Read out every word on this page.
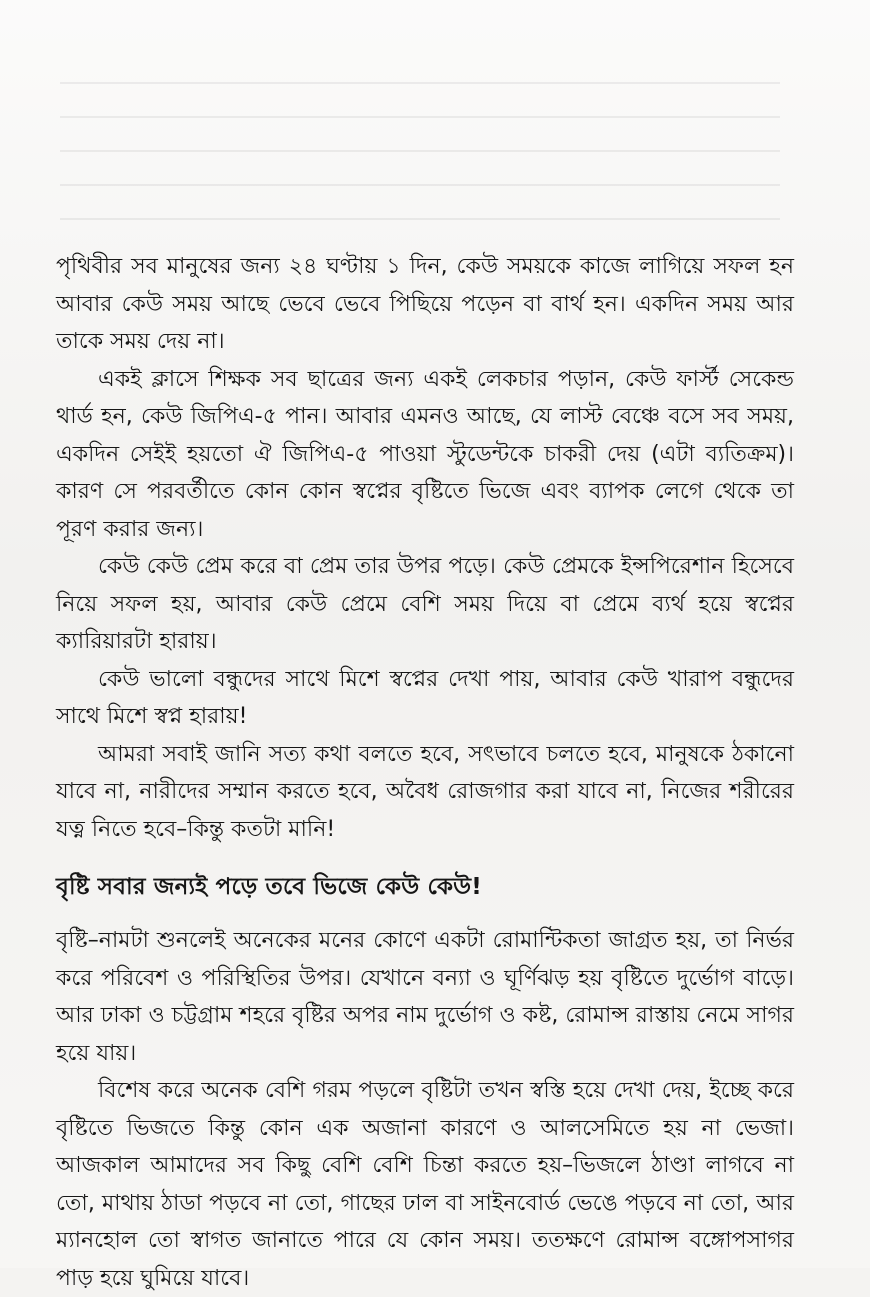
পৃথিবীর সব মানুষের জন্য ২৪ ঘণ্টায় ১ দিন, কেউ সময়কে কাজে লাগিয়ে সফল হন আবার কেউ সময় আছে ভেবে ভেবে পিছিয়ে পড়েন বা বার্থ হন। একদিন সময় আর তাকে সময় দেয় না।

একই ক্লাসে শিক্ষক সব ছাত্রের জন্য একই লেকচার পড়ান, কেউ ফার্স্ট সেকেন্ড থার্ড হন, কেউ জিপিএ-৫ পান। আবার এমনও আছে, যে লাস্ট বেঞ্চে বসে সব সময়, একদিন সেইই হয়তো ঐ জিপিএ-৫ পাওয়া স্টুডেন্টকে চাকরী দেয় (এটা ব্যতিক্রম)। কারণ সে পরবর্তীতে কোন কোন স্বপ্নের বৃষ্টিতে ভিজে এবং ব্যাপক লেগে থেকে তা পূরণ করার জন্য।

কেউ কেউ প্রেম করে বা প্রেম তার উপর পড়ে। কেউ প্রেমকে ইন্সপিরেশান হিসেবে নিয়ে সফল হয়, আবার কেউ প্রেমে বেশি সময় দিয়ে বা প্রেমে ব্যর্থ হয়ে স্বপ্নের ক্যারিয়ারটা হারায়।

কেউ ভালো বন্ধুদের সাথে মিশে স্বপ্নের দেখা পায়, আবার কেউ খারাপ বন্ধুদের সাথে মিশে স্বপ্ন হারায়!

আমরা সবাই জানি সত্য কথা বলতে হবে, সৎভাবে চলতে হবে, মানুষকে ঠকানো যাবে না, নারীদের সম্মান করতে হবে, অবৈধ রোজগার করা যাবে না, নিজের শরীরের যত্ন নিতে হবে–কিন্তু কতটা মানি!

বৃষ্টি সবার জন্যই পড়ে তবে ভিজে কেউ কেউ!

বৃষ্টি–নামটা শুনলেই অনেকের মনের কোণে একটা রোমান্টিকতা জাগ্রত হয়, তা নির্ভর করে পরিবেশ ও পরিস্থিতির উপর। যেখানে বন্যা ও ঘূর্ণিঝড় হয় বৃষ্টিতে দুর্ভোগ বাড়ে। আর ঢাকা ও চট্টগ্রাম শহরে বৃষ্টির অপর নাম দুর্ভোগ ও কষ্ট, রোমান্স রাস্তায় নেমে সাগর হয়ে যায়।

বিশেষ করে অনেক বেশি গরম পড়লে বৃষ্টিটা তখন স্বস্তি হয়ে দেখা দেয়, ইচ্ছে করে বৃষ্টিতে ভিজতে কিন্তু কোন এক অজানা কারণে ও আলসেমিতে হয় না ভেজা। আজকাল আমাদের সব কিছু বেশি বেশি চিন্তা করতে হয়–ভিজলে ঠাণ্ডা লাগবে না তো, মাথায় ঠাডা পড়বে না তো, গাছের ঢাল বা সাইনবোর্ড ভেঙে পড়বে না তো, আর ম্যানহোল তো স্বাগত জানাতে পারে যে কোন সময়। ততক্ষণে রোমান্স বঙ্গোপসাগর পাড় হয়ে ঘুমিয়ে যাবে।
